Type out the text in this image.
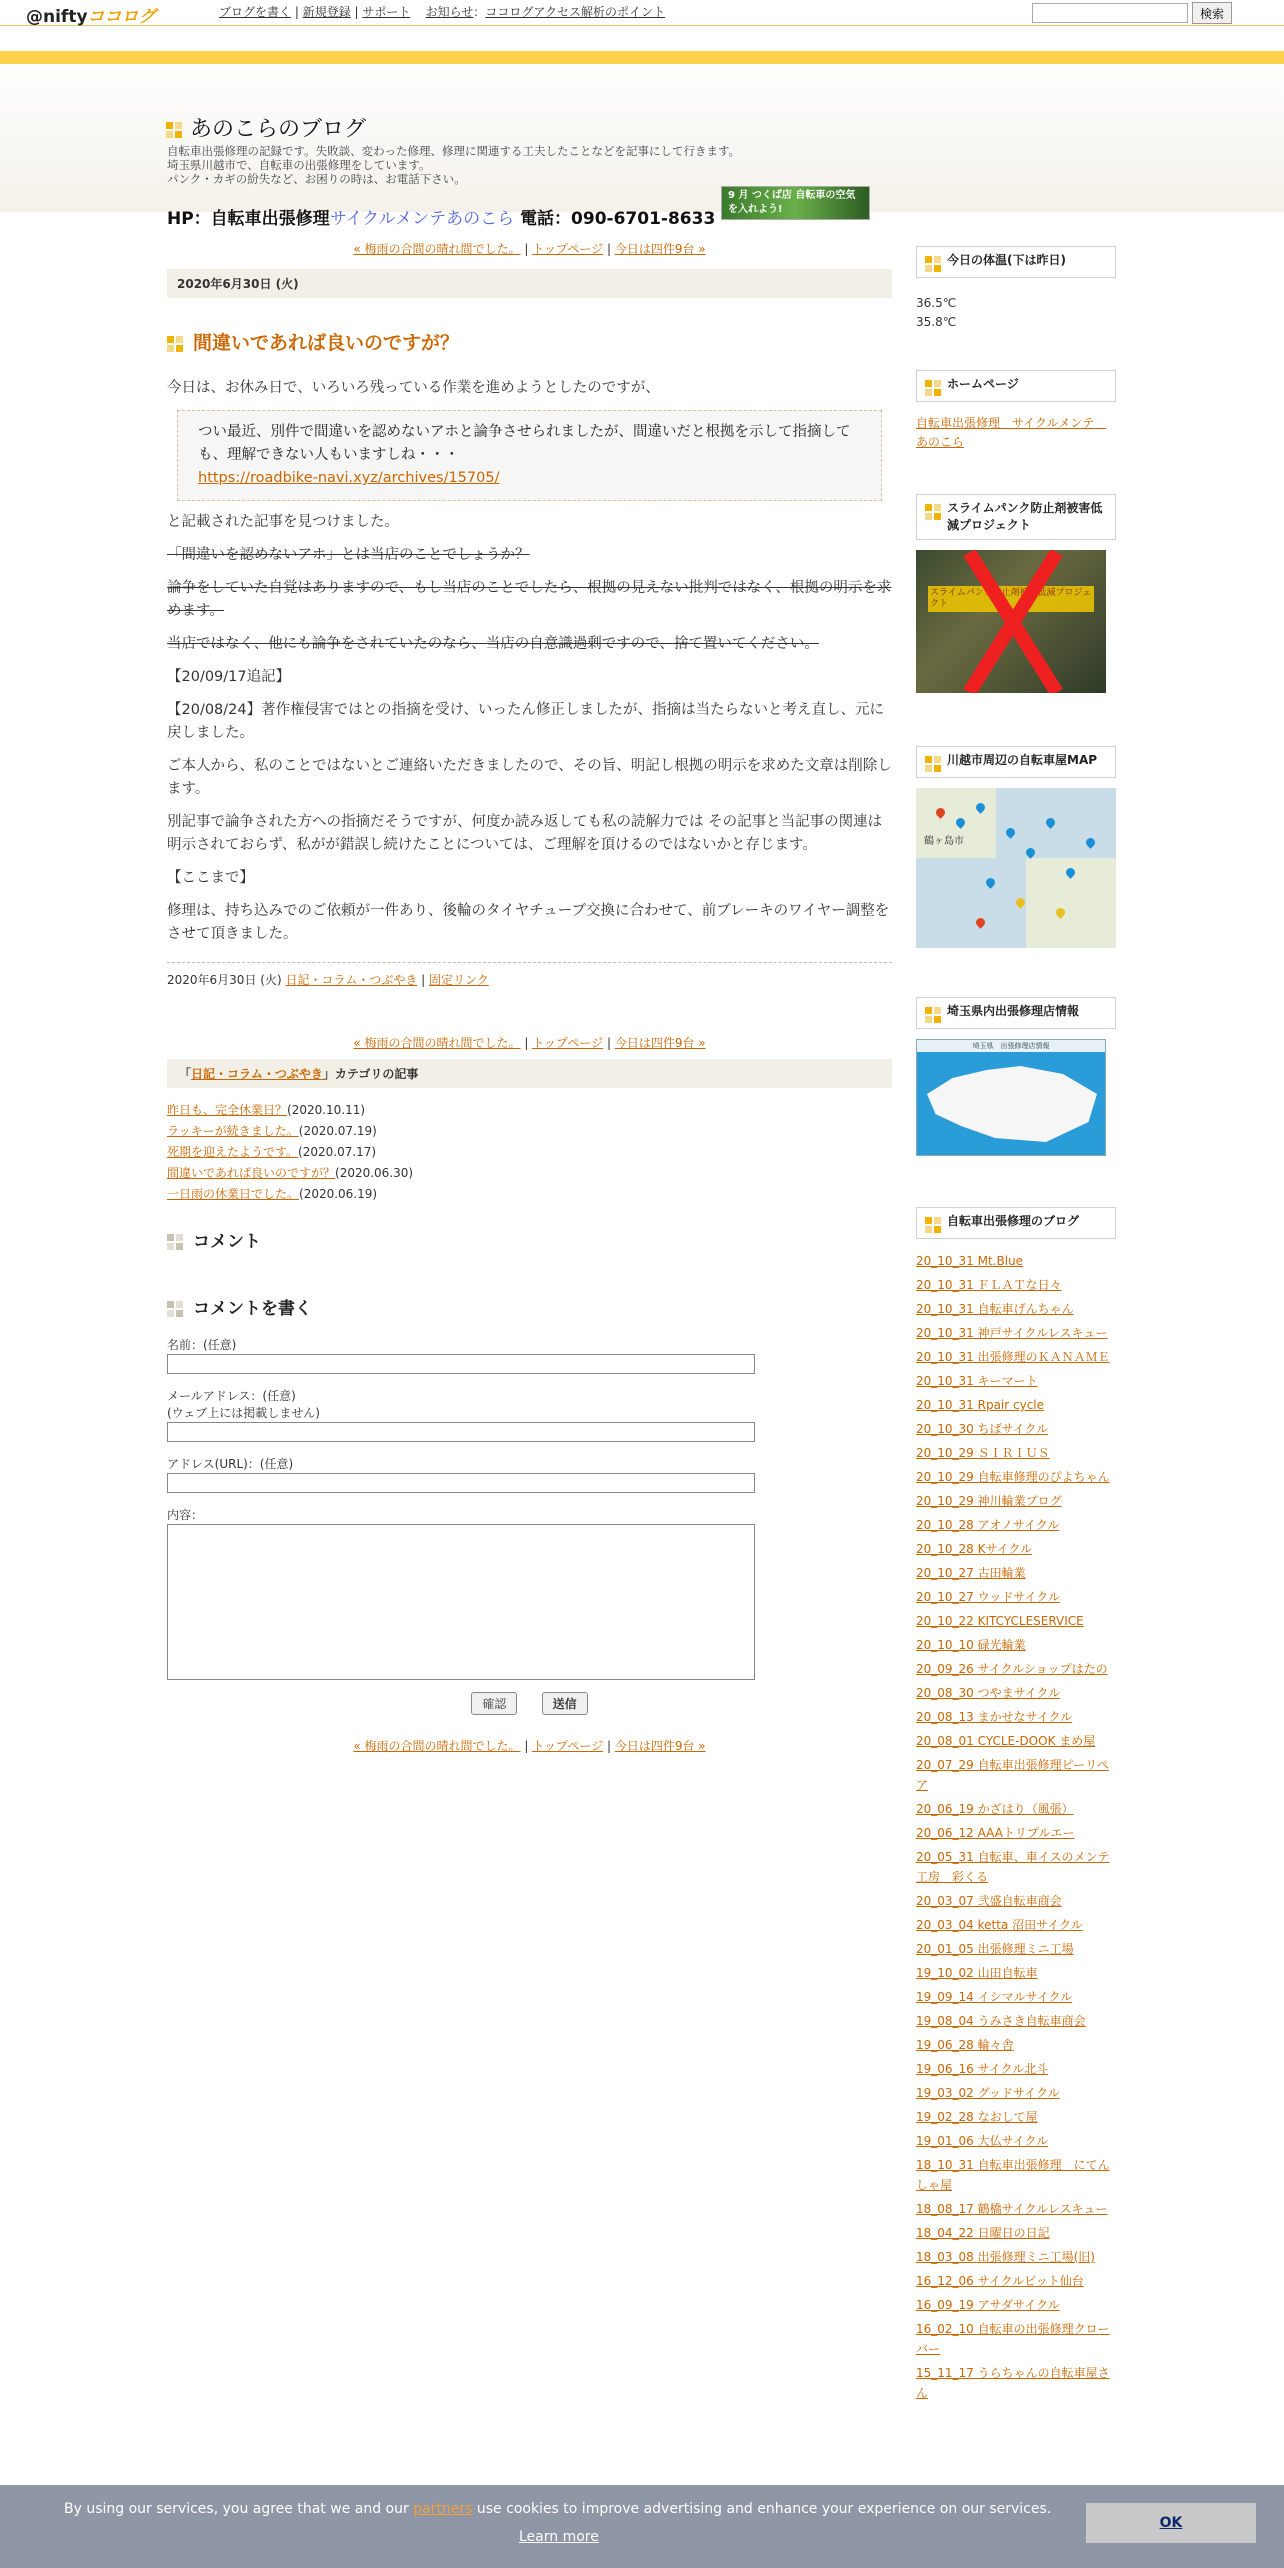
@niftyココログ	ブログを書く | 新規登録 | サポート お知らせ：ココログアクセス解析のポイント	検索
あのこらのブログ
自転車出張修理の記録です。失敗談、変わった修理、修理に関連する工夫したことなどを記事にして行きます。
埼玉県川越市で、自転車の出張修理をしています。
パンク・カギの紛失など、お困りの時は、お電話下さい。
HP：自転車出張修理サイクルメンテあのこら 電話：090-6701-8633
9 月 つくば店 自転車の空気を入れよう!
« 梅雨の合間の晴れ間でした。 | トップページ | 今日は四件9台 »
2020年6月30日 (火)
間違いであれば良いのですが？

今日は、お休み日で、いろいろ残っている作業を進めようとしたのですが、

つい最近、別件で間違いを認めないアホと論争させられましたが、間違いだと根拠を示して指摘しても、理解できない人もいますしね・・・
https://roadbike-navi.xyz/archives/15705/

と記載された記事を見つけました。

「間違いを認めないアホ」とは当店のことでしょうか？

論争をしていた自覚はありますので、もし当店のことでしたら、根拠の見えない批判ではなく、根拠の明示を求めます。

当店ではなく、他にも論争をされていたのなら、当店の自意識過剰ですので、捨て置いてください。

【20/09/17追記】

【20/08/24】著作権侵害ではとの指摘を受け、いったん修正しましたが、指摘は当たらないと考え直し、元に戻しました。

ご本人から、私のことではないとご連絡いただきましたので、その旨、明記し根拠の明示を求めた文章は削除します。

別記事で論争された方への指摘だそうですが、何度か読み返しても私の読解力では その記事と当記事の関連は明示されておらず、私がが錯誤し続けたことについては、ご理解を頂けるのではないかと存じます。

【ここまで】

修理は、持ち込みでのご依頼が一件あり、後輪のタイヤチューブ交換に合わせて、前ブレーキのワイヤー調整をさせて頂きました。

2020年6月30日 (火) 日記・コラム・つぶやき | 固定リンク
« 梅雨の合間の晴れ間でした。 | トップページ | 今日は四件9台 »
「日記・コラム・つぶやき」カテゴリの記事
昨日も、完全休業日？(2020.10.11)
ラッキーが続きました。(2020.07.19)
死期を迎えたようです。(2020.07.17)
間違いであれば良いのですが？(2020.06.30)
一日雨の休業日でした。(2020.06.19)
コメント
コメントを書く
名前：(任意)
メールアドレス：(任意)
(ウェブ上には掲載しません)
アドレス(URL)：(任意)
内容：
確認	送信
« 梅雨の合間の晴れ間でした。 | トップページ | 今日は四件9台 »
今日の体温(下は昨日)
36.5℃
35.8℃
ホームページ
自転車出張修理　サイクルメンテ　あのこら
スライムパンク防止剤被害低減プロジェクト
スライムパンク防止剤被害低減プロジェクト
川越市周辺の自転車屋MAP
鶴ヶ島市
埼玉県内出張修理店情報
埼玉県　出張修理店情報
自転車出張修理のブログ
20_10_31 Mt.Blue
20_10_31 ＦＬＡＴな日々
20_10_31 自転車げんちゃん
20_10_31 神戸サイクルレスキュー
20_10_31 出張修理のＫＡＮＡＭＥ
20_10_31 キーマート
20_10_31 Rpair cycle
20_10_30 ちばサイクル
20_10_29 ＳＩＲＩＵＳ
20_10_29 自転車修理のぴよちゃん
20_10_29 神川輪業ブログ
20_10_28 アオノサイクル
20_10_28 Kサイクル
20_10_27 古田輪業
20_10_27 ウッドサイクル
20_10_22 KITCYCLESERVICE
20_10_10 碌光輪業
20_09_26 サイクルショップはたの
20_08_30 つやまサイクル
20_08_13 まかせなサイクル
20_08_01 CYCLE-DOOK まめ屋
20_07_29 自転車出張修理ピーリペア
20_06_19 かざはり（風張）
20_06_12 AAAトリプルエー
20_05_31 自転車、車イスのメンテ工房　彩くる
20_03_07 弐盛自転車商会
20_03_04 ketta 沼田サイクル
20_01_05 出張修理ミニ工場
19_10_02 山田自転車
19_09_14 イシマルサイクル
19_08_04 うみさき自転車商会
19_06_28 輪々舎
19_06_16 サイクル北斗
19_03_02 グッドサイクル
19_02_28 なおして屋
19_01_06 大仏サイクル
18_10_31 自転車出張修理　にてんしゃ屋
18_08_17 鶴橋サイクルレスキュー
18_04_22 日曜日の日記
18_03_08 出張修理ミニ工場(旧)
16_12_06 サイクルピット仙台
16_09_19 アサダサイクル
16_02_10 自転車の出張修理クローバー
15_11_17 うらちゃんの自転車屋さん
By using our services, you agree that we and our partners use cookies to improve advertising and enhance your experience on our services.
Learn more
OK
